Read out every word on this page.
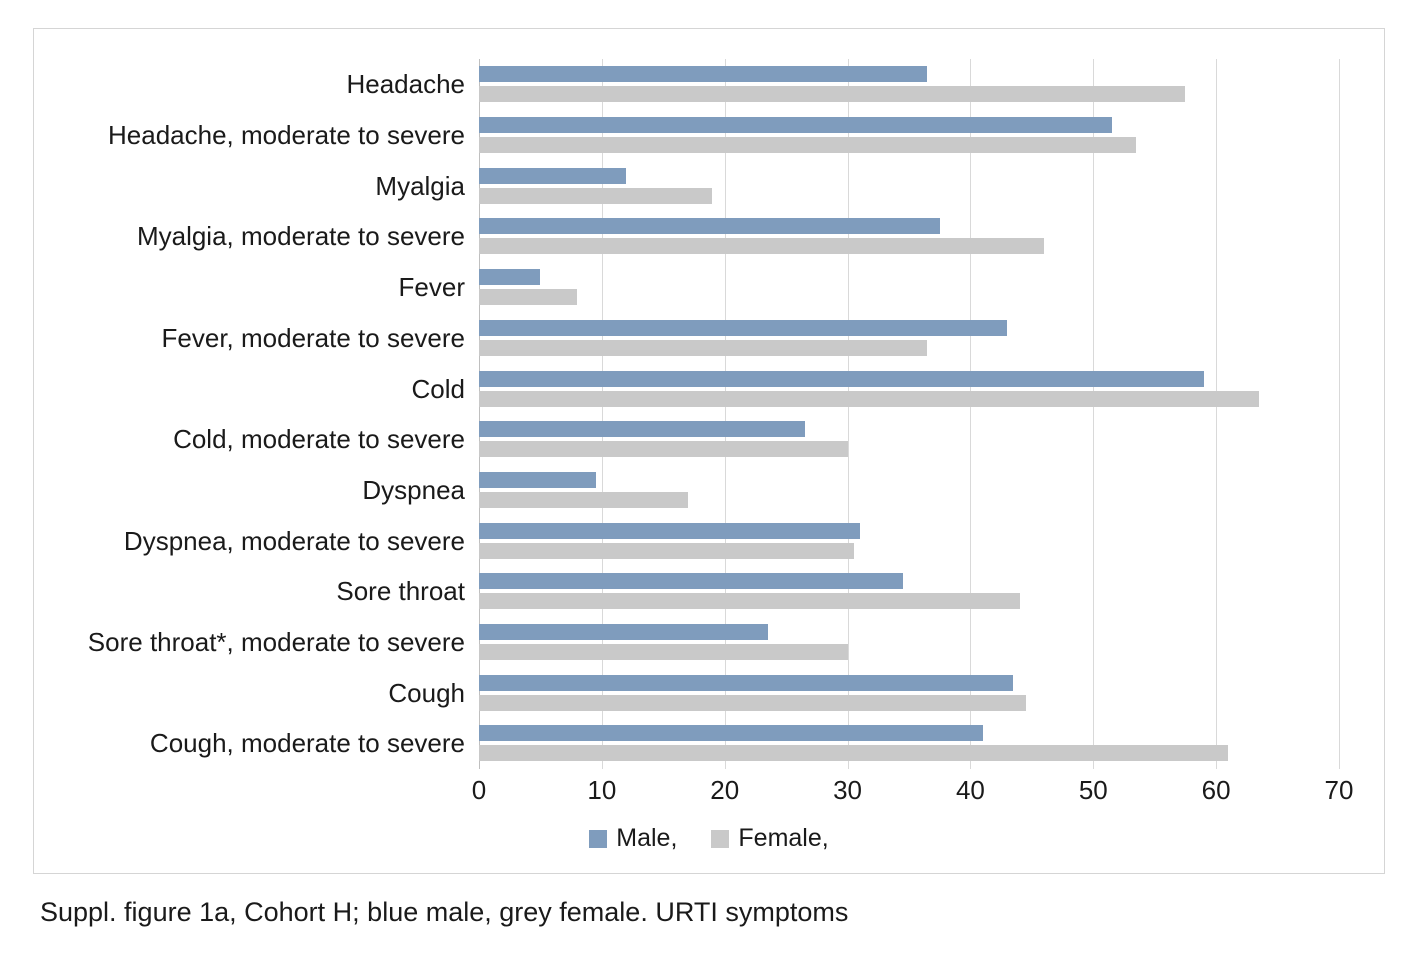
Headache
Headache, moderate to severe
Myalgia
Myalgia, moderate to severe
Fever
Fever, moderate to severe
Cold
Cold, moderate to severe
Dyspnea
Dyspnea, moderate to severe
Sore throat
Sore throat*, moderate to severe
Cough
Cough, moderate to severe
0	10	20	30	40	50	60	70
Male, Female,
Suppl. figure 1a, Cohort H; blue male, grey female. URTI symptoms
